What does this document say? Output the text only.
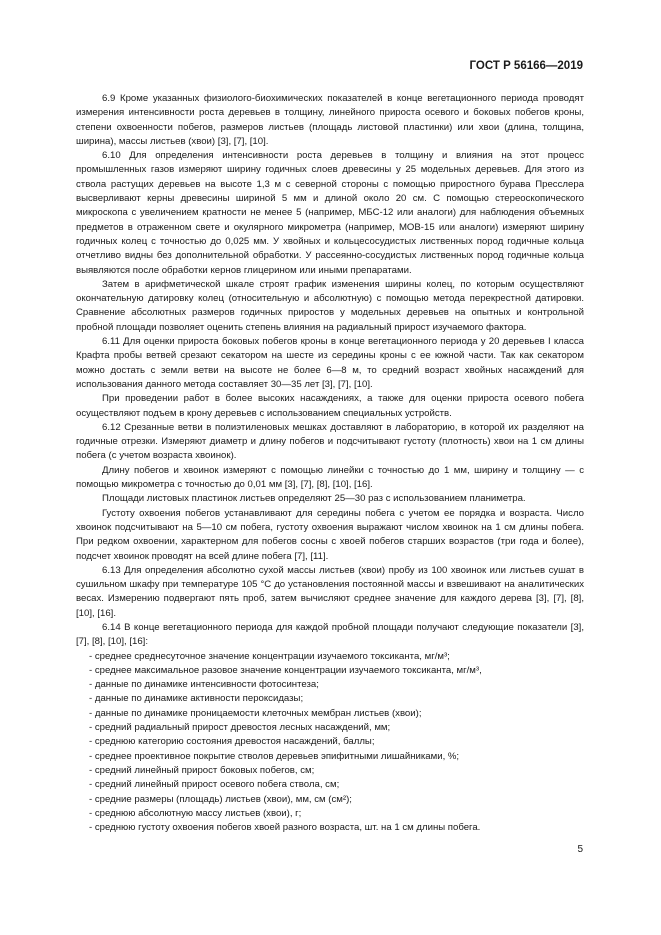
ГОСТ Р 56166—2019

6.9 Кроме указанных физиолого-биохимических показателей в конце вегетационного периода проводят измерения интенсивности роста деревьев в толщину, линейного прироста осевого и боковых побегов кроны, степени охвоенности побегов, размеров листьев (площадь листовой пластинки) или хвои (длина, толщина, ширина), массы листьев (хвои) [3], [7], [10].

6.10 Для определения интенсивности роста деревьев в толщину и влияния на этот процесс промышленных газов измеряют ширину годичных слоев древесины у 25 модельных деревьев. Для этого из ствола растущих деревьев на высоте 1,3 м с северной стороны с помощью приростного бурава Пресслера высверливают керны древесины шириной 5 мм и длиной около 20 см. С помощью стереоскопического микроскопа с увеличением кратности не менее 5 (например, МБС-12 или аналоги) для наблюдения объемных предметов в отраженном свете и окулярного микрометра (например, МОВ-15 или аналоги) измеряют ширину годичных колец с точностью до 0,025 мм. У хвойных и кольцесосудистых лиственных пород годичные кольца отчетливо видны без дополнительной обработки. У рассеянно-сосудистых лиственных пород годичные кольца выявляются после обработки кернов глицерином или иными препаратами.

Затем в арифметической шкале строят график изменения ширины колец, по которым осуществляют окончательную датировку колец (относительную и абсолютную) с помощью метода перекрестной датировки. Сравнение абсолютных размеров годичных приростов у модельных деревьев на опытных и контрольной пробной площади позволяет оценить степень влияния на радиальный прирост изучаемого фактора.

6.11 Для оценки прироста боковых побегов кроны в конце вегетационного периода у 20 деревьев I класса Крафта пробы ветвей срезают секатором на шесте из середины кроны с ее южной части. Так как секатором можно достать с земли ветви на высоте не более 6—8 м, то средний возраст хвойных насаждений для использования данного метода составляет 30—35 лет [3], [7], [10].

При проведении работ в более высоких насаждениях, а также для оценки прироста осевого побега осуществляют подъем в крону деревьев с использованием специальных устройств.

6.12 Срезанные ветви в полиэтиленовых мешках доставляют в лабораторию, в которой их разделяют на годичные отрезки. Измеряют диаметр и длину побегов и подсчитывают густоту (плотность) хвои на 1 см длины побега (с учетом возраста хвоинок).

Длину побегов и хвоинок измеряют с помощью линейки с точностью до 1 мм, ширину и толщину — с помощью микрометра с точностью до 0,01 мм [3], [7], [8], [10], [16].

Площади листовых пластинок листьев определяют 25—30 раз с использованием планиметра.

Густоту охвоения побегов устанавливают для середины побега с учетом ее порядка и возраста. Число хвоинок подсчитывают на 5—10 см побега, густоту охвоения выражают числом хвоинок на 1 см длины побега. При редком охвоении, характерном для побегов сосны с хвоей побегов старших возрастов (три года и более), подсчет хвоинок проводят на всей длине побега [7], [11].

6.13 Для определения абсолютно сухой массы листьев (хвои) пробу из 100 хвоинок или листьев сушат в сушильном шкафу при температуре 105 °С до установления постоянной массы и взвешивают на аналитических весах. Измерению подвергают пять проб, затем вычисляют среднее значение для каждого дерева [3], [7], [8], [10], [16].

6.14 В конце вегетационного периода для каждой пробной площади получают следующие показатели [3], [7], [8], [10], [16]:

- среднее среднесуточное значение концентрации изучаемого токсиканта, мг/м³;
- среднее максимальное разовое значение концентрации изучаемого токсиканта, мг/м³,
- данные по динамике интенсивности фотосинтеза;
- данные по динамике активности пероксидазы;
- данные по динамике проницаемости клеточных мембран листьев (хвои);
- средний радиальный прирост древостоя лесных насаждений, мм;
- среднюю категорию состояния древостоя насаждений, баллы;
- среднее проективное покрытие стволов деревьев эпифитными лишайниками, %;
- средний линейный прирост боковых побегов, см;
- средний линейный прирост осевого побега ствола, см;
- средние размеры (площадь) листьев (хвои), мм, см (см²);
- среднюю абсолютную массу листьев (хвои), г;
- среднюю густоту охвоения побегов хвоей разного возраста, шт. на 1 см длины побега.
5
